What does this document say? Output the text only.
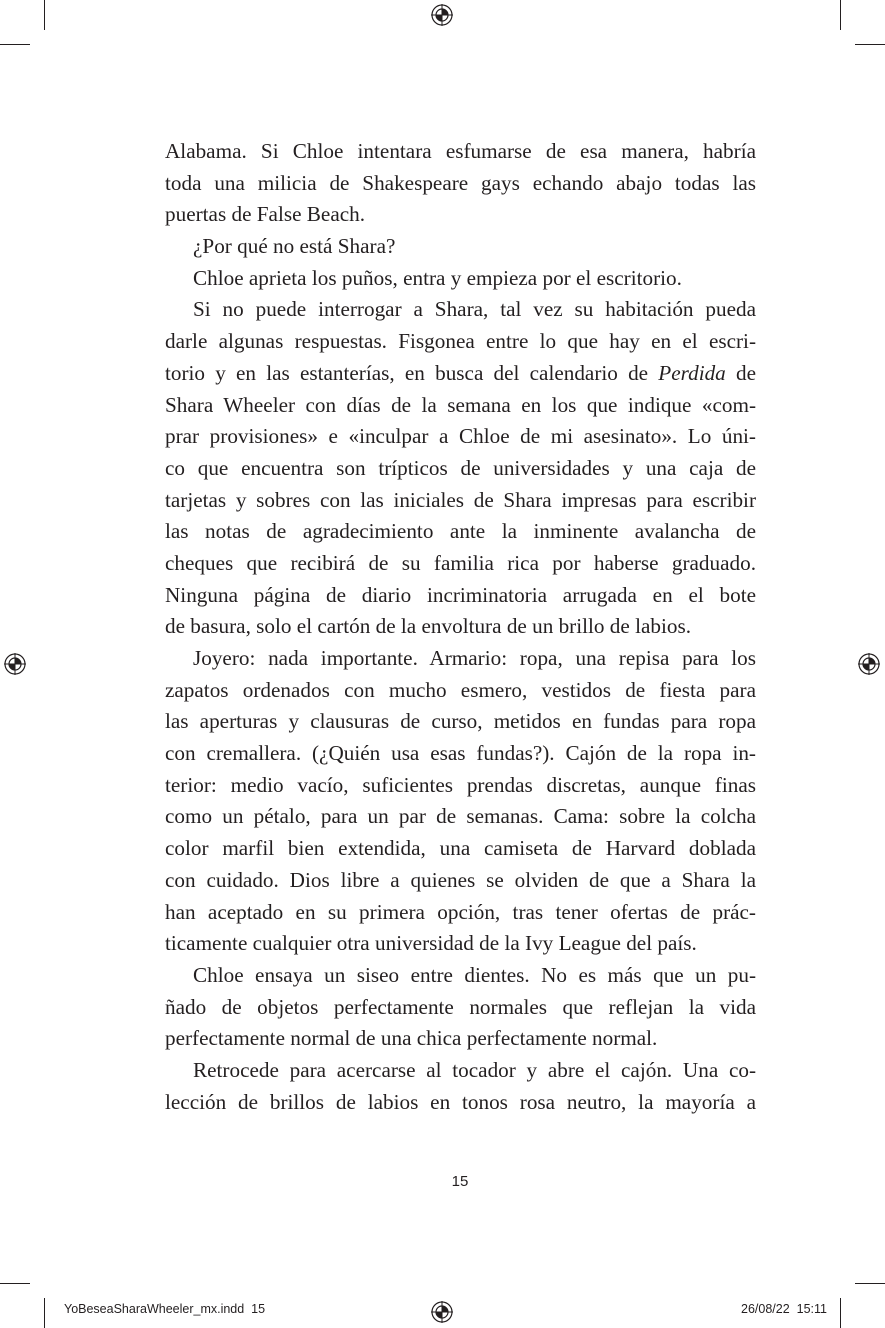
Alabama. Si Chloe intentara esfumarse de esa manera, habría
toda una milicia de Shakespeare gays echando abajo todas las
puertas de False Beach.
¿Por qué no está Shara?
Chloe aprieta los puños, entra y empieza por el escritorio.
Si no puede interrogar a Shara, tal vez su habitación pueda
darle algunas respuestas. Fisgonea entre lo que hay en el escri-
torio y en las estanterías, en busca del calendario de Perdida de
Shara Wheeler con días de la semana en los que indique «com-
prar provisiones» e «inculpar a Chloe de mi asesinato». Lo úni-
co que encuentra son trípticos de universidades y una caja de
tarjetas y sobres con las iniciales de Shara impresas para escribir
las notas de agradecimiento ante la inminente avalancha de
cheques que recibirá de su familia rica por haberse graduado.
Ninguna página de diario incriminatoria arrugada en el bote
de basura, solo el cartón de la envoltura de un brillo de labios.
Joyero: nada importante. Armario: ropa, una repisa para los
zapatos ordenados con mucho esmero, vestidos de fiesta para
las aperturas y clausuras de curso, metidos en fundas para ropa
con cremallera. (¿Quién usa esas fundas?). Cajón de la ropa in-
terior: medio vacío, suficientes prendas discretas, aunque finas
como un pétalo, para un par de semanas. Cama: sobre la colcha
color marfil bien extendida, una camiseta de Harvard doblada
con cuidado. Dios libre a quienes se olviden de que a Shara la
han aceptado en su primera opción, tras tener ofertas de prác-
ticamente cualquier otra universidad de la Ivy League del país.
Chloe ensaya un siseo entre dientes. No es más que un pu-
ñado de objetos perfectamente normales que reflejan la vida
perfectamente normal de una chica perfectamente normal.
Retrocede para acercarse al tocador y abre el cajón. Una co-
lección de brillos de labios en tonos rosa neutro, la mayoría a
15
YoBeseaSharaWheeler_mx.indd 15	26/08/22 15:11
